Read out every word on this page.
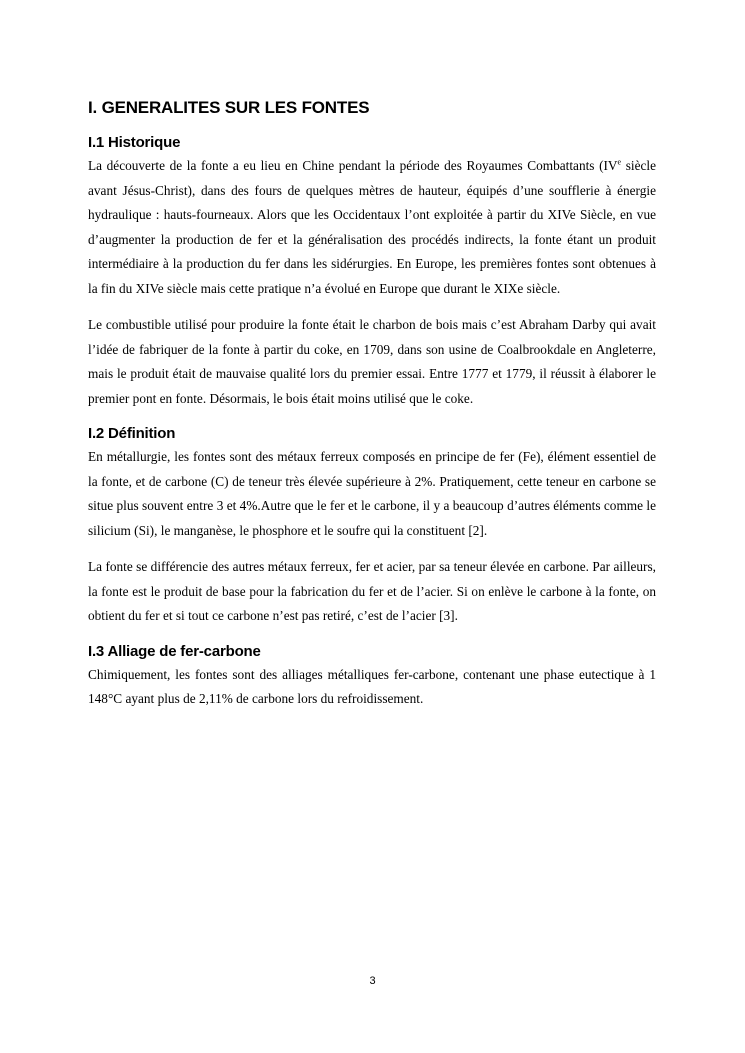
I. GENERALITES SUR LES FONTES
I.1 Historique

La découverte de la fonte a eu lieu en Chine pendant la période des Royaumes Combattants (IVe siècle avant Jésus-Christ), dans des fours de quelques mètres de hauteur, équipés d’une soufflerie à énergie hydraulique : hauts-fourneaux. Alors que les Occidentaux l’ont exploitée à partir du XIVe Siècle, en vue d’augmenter la production de fer et la généralisation des procédés indirects, la fonte étant un produit intermédiaire à la production du fer dans les sidérurgies. En Europe, les premières fontes sont obtenues à la fin du XIVe siècle mais cette pratique n’a évolué en Europe que durant le XIXe siècle.

Le combustible utilisé pour produire la fonte était le charbon de bois mais c’est Abraham Darby qui avait l’idée de fabriquer de la fonte à partir du coke, en 1709, dans son usine de Coalbrookdale en Angleterre, mais le produit était de mauvaise qualité lors du premier essai. Entre 1777 et 1779, il réussit à élaborer le premier pont en fonte. Désormais, le bois était moins utilisé que le coke.

I.2 Définition

En métallurgie, les fontes sont des métaux ferreux composés en principe de fer (Fe), élément essentiel de la fonte, et de carbone (C) de teneur très élevée supérieure à 2%. Pratiquement, cette teneur en carbone se situe plus souvent entre 3 et 4%.Autre que le fer et le carbone, il y a beaucoup d’autres éléments comme le silicium (Si), le manganèse, le phosphore et le soufre qui la constituent [2].

La fonte se différencie des autres métaux ferreux, fer et acier, par sa teneur élevée en carbone. Par ailleurs, la fonte est le produit de base pour la fabrication du fer et de l’acier. Si on enlève le carbone à la fonte, on obtient du fer et si tout ce carbone n’est pas retiré, c’est de l’acier [3].

I.3 Alliage de fer-carbone

Chimiquement, les fontes sont des alliages métalliques fer-carbone, contenant une phase eutectique à 1 148°C ayant plus de 2,11% de carbone lors du refroidissement.

3
